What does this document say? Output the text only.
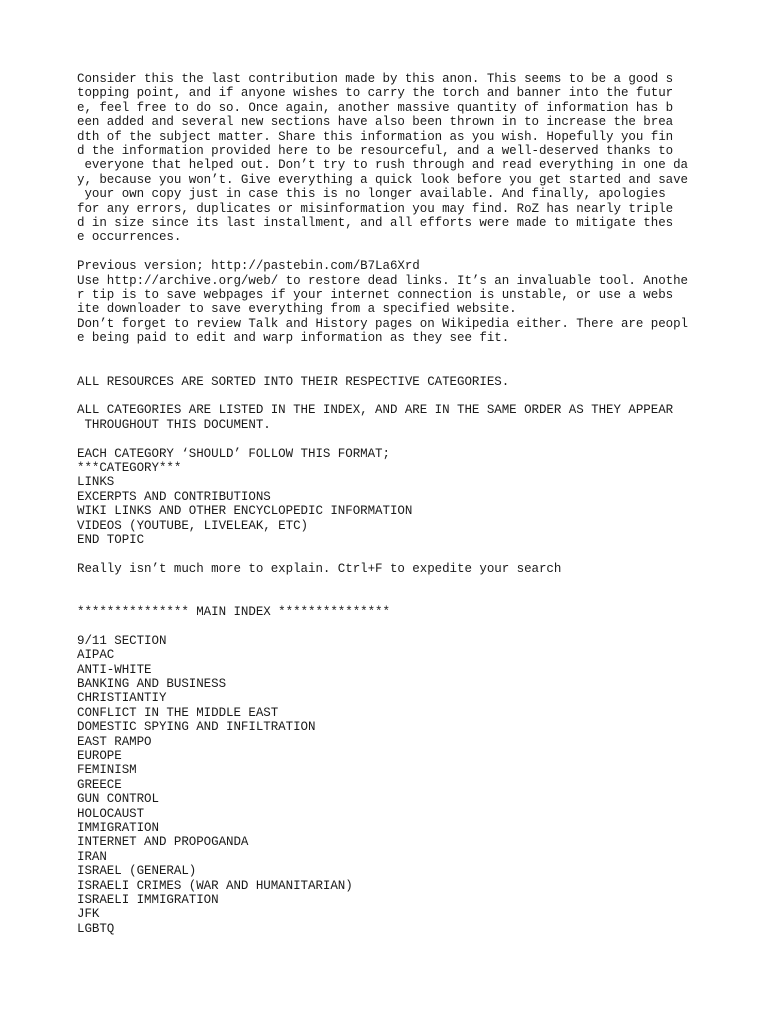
Consider this the last contribution made by this anon. This seems to be a good s
topping point, and if anyone wishes to carry the torch and banner into the futur
e, feel free to do so. Once again, another massive quantity of information has b
een added and several new sections have also been thrown in to increase the brea
dth of the subject matter. Share this information as you wish. Hopefully you fin
d the information provided here to be resourceful, and a well-deserved thanks to
everyone that helped out. Don’t try to rush through and read everything in one da
y, because you won’t. Give everything a quick look before you get started and save
your own copy just in case this is no longer available. And finally, apologies
for any errors, duplicates or misinformation you may find. RoZ has nearly triple
d in size since its last installment, and all efforts were made to mitigate thes
e occurrences.
Previous version; http://pastebin.com/B7La6Xrd
Use http://archive.org/web/ to restore dead links. It’s an invaluable tool. Anothe
r tip is to save webpages if your internet connection is unstable, or use a webs
ite downloader to save everything from a specified website.
Don’t forget to review Talk and History pages on Wikipedia either. There are peopl
e being paid to edit and warp information as they see fit.
ALL RESOURCES ARE SORTED INTO THEIR RESPECTIVE CATEGORIES.
ALL CATEGORIES ARE LISTED IN THE INDEX, AND ARE IN THE SAME ORDER AS THEY APPEAR
THROUGHOUT THIS DOCUMENT.
EACH CATEGORY ‘SHOULD’ FOLLOW THIS FORMAT;
***CATEGORY***
LINKS
EXCERPTS AND CONTRIBUTIONS
WIKI LINKS AND OTHER ENCYCLOPEDIC INFORMATION
VIDEOS (YOUTUBE, LIVELEAK, ETC)
END TOPIC
Really isn’t much more to explain. Ctrl+F to expedite your search
*************** MAIN INDEX ***************
9/11 SECTION
AIPAC
ANTI-WHITE
BANKING AND BUSINESS
CHRISTIANTIY
CONFLICT IN THE MIDDLE EAST
DOMESTIC SPYING AND INFILTRATION
EAST RAMPO
EUROPE
FEMINISM
GREECE
GUN CONTROL
HOLOCAUST
IMMIGRATION
INTERNET AND PROPOGANDA
IRAN
ISRAEL (GENERAL)
ISRAELI CRIMES (WAR AND HUMANITARIAN)
ISRAELI IMMIGRATION
JFK
LGBTQ
